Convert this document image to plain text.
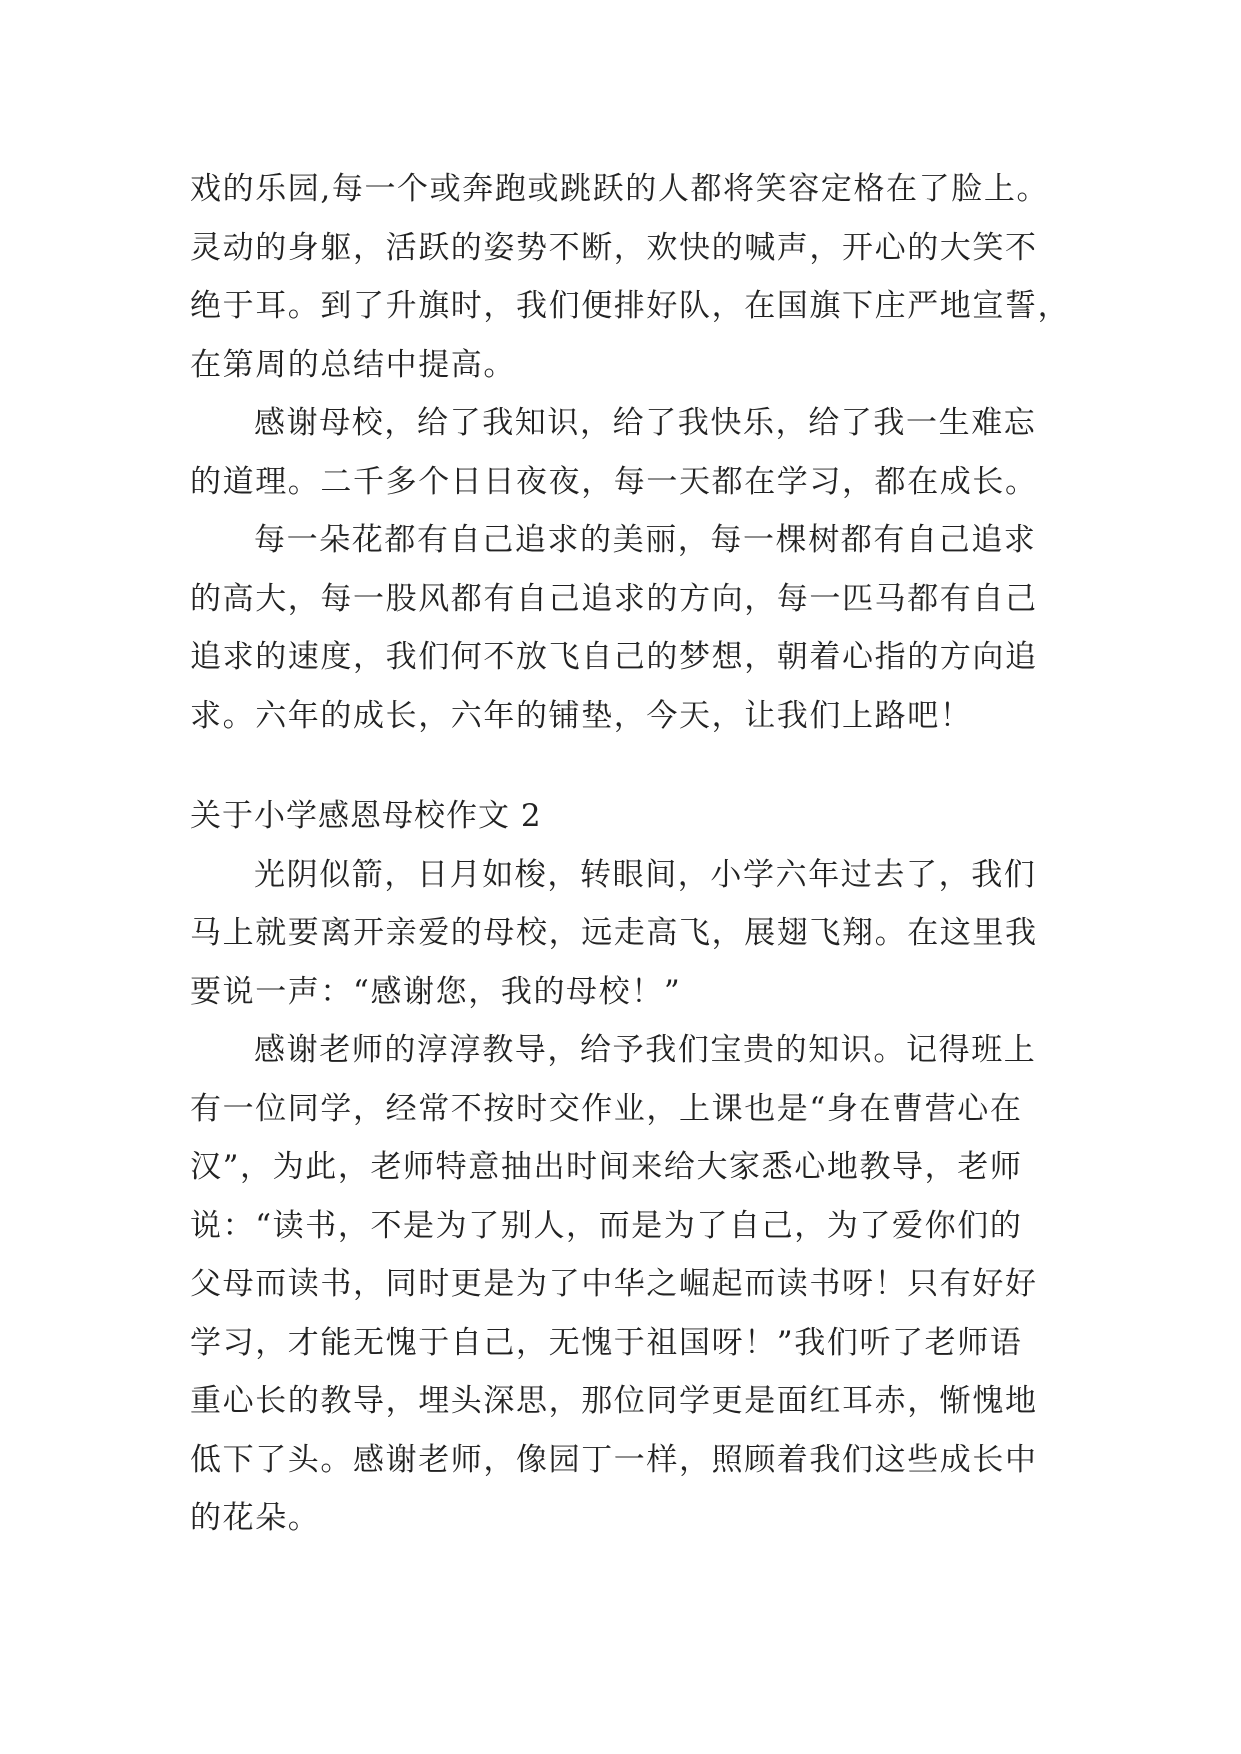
戏的乐园,每一个或奔跑或跳跃的人都将笑容定格在了脸上。
灵动的身躯，活跃的姿势不断，欢快的喊声，开心的大笑不
绝于耳。到了升旗时，我们便排好队，在国旗下庄严地宣誓，
在第周的总结中提高。
感谢母校，给了我知识，给了我快乐，给了我一生难忘
的道理。二千多个日日夜夜，每一天都在学习，都在成长。
每一朵花都有自己追求的美丽，每一棵树都有自己追求
的高大，每一股风都有自己追求的方向，每一匹马都有自己
追求的速度，我们何不放飞自己的梦想，朝着心指的方向追
求。六年的成长，六年的铺垫，今天，让我们上路吧！
关于小学感恩母校作文 2
光阴似箭，日月如梭，转眼间，小学六年过去了，我们
马上就要离开亲爱的母校，远走高飞，展翅飞翔。在这里我
要说一声：“感谢您，我的母校！”
感谢老师的淳淳教导，给予我们宝贵的知识。记得班上
有一位同学，经常不按时交作业，上课也是“身在曹营心在
汉”，为此，老师特意抽出时间来给大家悉心地教导，老师
说：“读书，不是为了别人，而是为了自己，为了爱你们的
父母而读书，同时更是为了中华之崛起而读书呀！只有好好
学习，才能无愧于自己，无愧于祖国呀！”我们听了老师语
重心长的教导，埋头深思，那位同学更是面红耳赤，惭愧地
低下了头。感谢老师，像园丁一样，照顾着我们这些成长中
的花朵。
